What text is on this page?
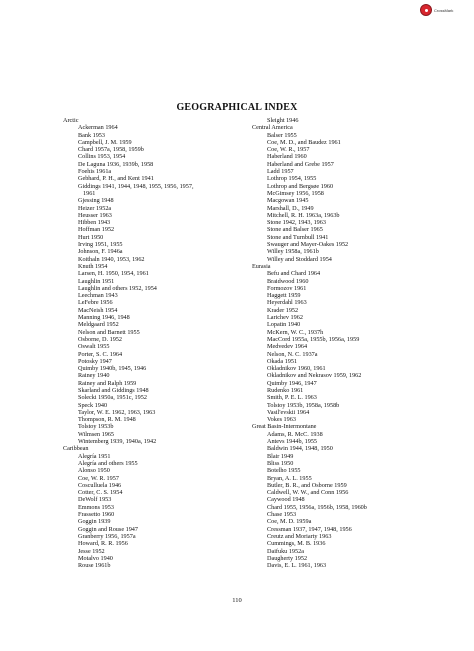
CrossMark
GEOGRAPHICAL INDEX
Arctic
Ackerman 1964
Bank 1953
Campbell, J. M. 1959
Chard 1957a, 1958, 1959b
Collins 1953, 1954
De Laguna 1936, 1939b, 1958
Foehis 1961a
Gebhard, P. H., and Kent 1941
Giddings 1941, 1944, 1948, 1955, 1956, 1957,
1961
Gjessing 1948
Heizer 1952a
Heusser 1963
Hibben 1943
Hoffman 1952
Hurt 1950
Irving 1951, 1955
Johnson, F. 1946a
Koithaln 1940, 1953, 1962
Knuth 1954
Larsen, H. 1950, 1954, 1961
Laughlin 1951
Laughlin and others 1952, 1954
Leechman 1943
LeFebre 1956
MacNeish 1954
Manning 1946, 1948
Meldgaard 1952
Nelson and Barnett 1955
Osborne, D. 1952
Oswalt 1955
Porter, S. C. 1964
Potosky 1947
Quimby 1940b, 1945, 1946
Rainey 1940
Rainey and Ralph 1959
Skarland and Giddings 1948
Solecki 1950a, 1951c, 1952
Speck 1940
Taylor, W. E. 1962, 1963, 1963
Thompson, R. M. 1948
Tolstoy 1953b
Wilmsen 1965
Wintemberg 1939, 1940a, 1942
Caribbean
Alegría 1951
Alegría and others 1955
Alonso 1950
Coe, W. R. 1957
Cosculluela 1946
Cotter, C. S. 1954
DeWolf 1953
Emmons 1953
Frassetto 1960
Goggin 1939
Goggin and Rouse 1947
Granberry 1956, 1957a
Howard, R. R. 1956
Jesse 1952
Motalvo 1940
Rouse 1961b
Sleight 1946
Central America
Balser 1955
Coe, M. D., and Baudez 1961
Coe, W. R., 1957
Haberland 1960
Haberland and Grebe 1957
Ladd 1957
Lothrop 1954, 1955
Lothrop and Bergsøe 1960
McGimsey 1956, 1958
Macgowan 1945
Marshall, D., 1949
Mitchell, R. H. 1963a, 1963b
Stone 1942, 1943, 1963
Stone and Balser 1965
Stone and Turnbull 1941
Swauger and Mayer-Oakes 1952
Willey 1958a, 1961b
Willey and Stoddard 1954
Eurasia
Befu and Chard 1964
Braidwood 1960
Formozov 1961
Haggett 1959
Heyerdahl 1963
Krader 1952
Larichev 1962
Lopatin 1940
McKern, W. C., 1937h
MacCord 1955a, 1955b, 1956a, 1959
Medvedev 1964
Nelson, N. C. 1937a
Okada 1951
Okladnikov 1960, 1961
Okladnikov and Nekrasov 1959, 1962
Quimby 1946, 1947
Rudenko 1961
Smith, P. E. L. 1963
Tolstoy 1953b, 1958a, 1958b
Vasil'evskii 1964
Vokes 1963
Great Basin-Intermontane
Adams, R. McC. 1938
Antevs 1944b, 1955
Baldwin 1944, 1948, 1950
Blair 1949
Bliss 1950
Botelho 1955
Bryan, A. L. 1955
Butler, B. R., and Osborne 1959
Caldwell, W. W., and Conn 1956
Caywood 1948
Chard 1955, 1956a, 1956b, 1958, 1960b
Chase 1953
Coe, M. D. 1959a
Cressman 1937, 1947, 1948, 1956
Creutz and Moriarty 1963
Cummings, M. B. 1936
Daifuku 1952a
Daugherty 1952
Davis, E. L. 1961, 1963
110
